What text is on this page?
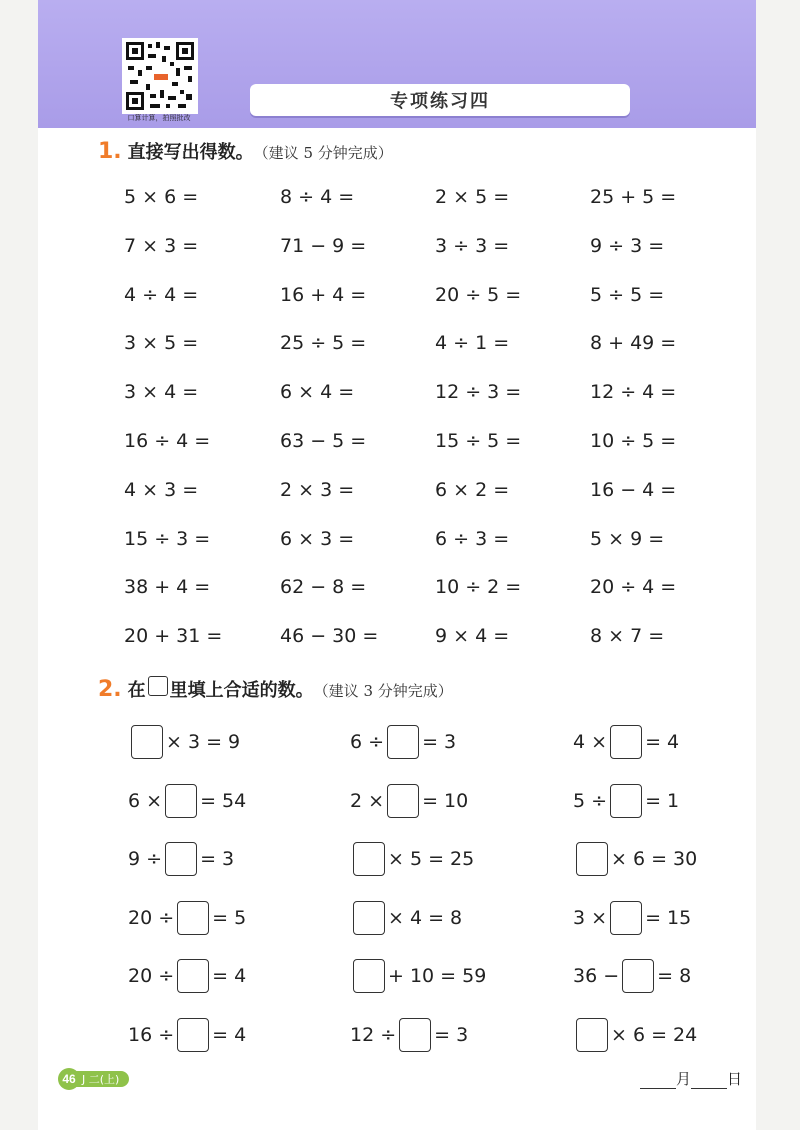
口算计算，拍照批改
专项练习四
1. 直接写出得数。 （建议 5 分钟完成）
5 × 6 =	8 ÷ 4 =	2 × 5 =	25 + 5 =
7 × 3 =	71 − 9 =	3 ÷ 3 =	9 ÷ 3 =
4 ÷ 4 =	16 + 4 =	20 ÷ 5 =	5 ÷ 5 =
3 × 5 =	25 ÷ 5 =	4 ÷ 1 =	8 + 49 =
3 × 4 =	6 × 4 =	12 ÷ 3 =	12 ÷ 4 =
16 ÷ 4 =	63 − 5 =	15 ÷ 5 =	10 ÷ 5 =
4 × 3 =	2 × 3 =	6 × 2 =	16 − 4 =
15 ÷ 3 =	6 × 3 =	6 ÷ 3 =	5 × 9 =
38 + 4 =	62 − 8 =	10 ÷ 2 =	20 ÷ 4 =
20 + 31 =	46 − 30 =	9 × 4 =	8 × 7 =
2. 在 里填上合适的数。 （建议 3 分钟完成）
× 3 = 9	6 ÷ = 3	4 × = 4
6 × = 54	2 × = 10	5 ÷ = 1
9 ÷ = 3	× 5 = 25	× 6 = 30
20 ÷ = 5	× 4 = 8	3 × = 15
20 ÷ = 4	+ 10 = 59	36 − = 8
16 ÷ = 4	12 ÷ = 3	× 6 = 24
46 J 二(上)	月 日
